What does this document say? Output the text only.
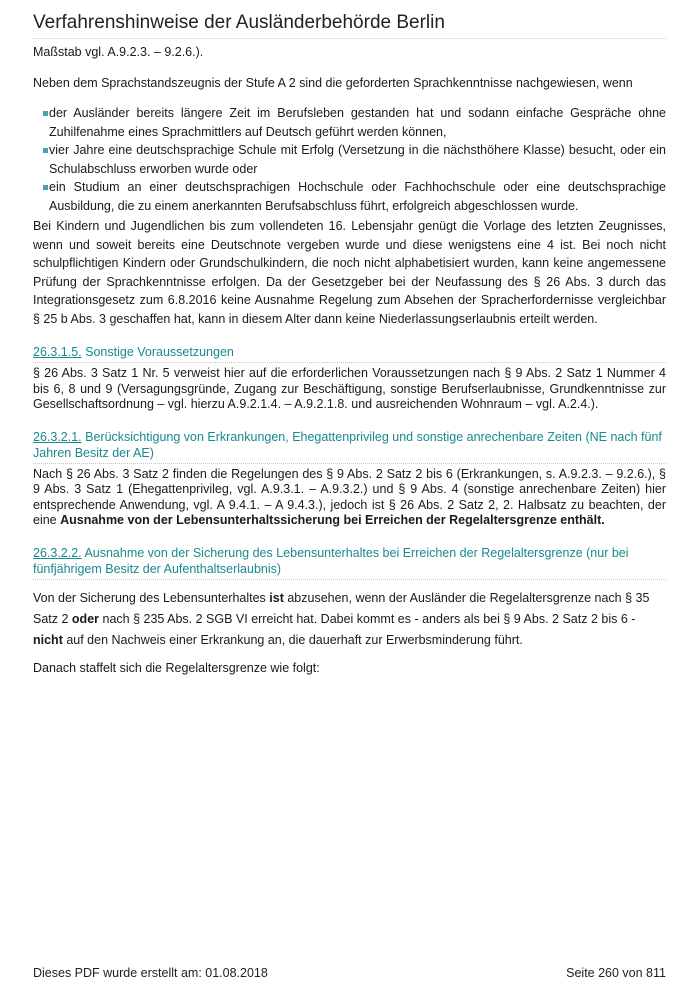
Verfahrenshinweise der Ausländerbehörde Berlin

Maßstab vgl. A.9.2.3. – 9.2.6.).

Neben dem Sprachstandszeugnis der Stufe A 2 sind die geforderten Sprachkenntnisse nachgewiesen, wenn

der Ausländer bereits längere Zeit im Berufsleben gestanden hat und sodann einfache Gespräche ohne Zuhilfenahme eines Sprachmittlers auf Deutsch geführt werden können,
vier Jahre eine deutschsprachige Schule mit Erfolg (Versetzung in die nächsthöhere Klasse) besucht, oder ein Schulabschluss erworben wurde oder
ein Studium an einer deutschsprachigen Hochschule oder Fachhochschule oder eine deutschsprachige Ausbildung, die zu einem anerkannten Berufsabschluss führt, erfolgreich abgeschlossen wurde.

Bei Kindern und Jugendlichen bis zum vollendeten 16. Lebensjahr genügt die Vorlage des letzten Zeugnisses, wenn und soweit bereits eine Deutschnote vergeben wurde und diese wenigstens eine 4 ist. Bei noch nicht schulpflichtigen Kindern oder Grundschulkindern, die noch nicht alphabetisiert wurden, kann keine angemessene Prüfung der Sprachkenntnisse erfolgen. Da der Gesetzgeber bei der Neufassung des § 26 Abs. 3 durch das Integrationsgesetz zum 6.8.2016 keine Ausnahme Regelung zum Absehen der Spracherfordernisse vergleichbar § 25 b Abs. 3 geschaffen hat, kann in diesem Alter dann keine Niederlassungserlaubnis erteilt werden.

26.3.1.5. Sonstige Voraussetzungen

§ 26 Abs. 3 Satz 1 Nr. 5 verweist hier auf die erforderlichen Voraussetzungen nach § 9 Abs. 2 Satz 1 Nummer 4 bis 6, 8 und 9 (Versagungsgründe, Zugang zur Beschäftigung, sonstige Berufserlaubnisse, Grundkenntnisse zur Gesellschaftsordnung – vgl. hierzu A.9.2.1.4. – A.9.2.1.8. und ausreichenden Wohnraum – vgl. A.2.4.).

26.3.2.1. Berücksichtigung von Erkrankungen, Ehegattenprivileg und sonstige anrechenbare Zeiten (NE nach fünf Jahren Besitz der AE)

Nach § 26 Abs. 3 Satz 2 finden die Regelungen des § 9 Abs. 2 Satz 2 bis 6 (Erkrankungen, s. A.9.2.3. – 9.2.6.), § 9 Abs. 3 Satz 1 (Ehegattenprivileg, vgl. A.9.3.1. – A.9.3.2.) und § 9 Abs. 4 (sonstige anrechenbare Zeiten) hier entsprechende Anwendung, vgl. A 9.4.1. – A 9.4.3.), jedoch ist § 26 Abs. 2 Satz 2, 2. Halbsatz zu beachten, der eine Ausnahme von der Lebensunterhaltssicherung bei Erreichen der Regelaltersgrenze enthält.

26.3.2.2. Ausnahme von der Sicherung des Lebensunterhaltes bei Erreichen der Regelaltersgrenze (nur bei fünfjährigem Besitz der Aufenthaltserlaubnis)

Von der Sicherung des Lebensunterhaltes ist abzusehen, wenn der Ausländer die Regelaltersgrenze nach § 35 Satz 2 oder nach § 235 Abs. 2 SGB VI erreicht hat. Dabei kommt es - anders als bei § 9 Abs. 2 Satz 2 bis 6 - nicht auf den Nachweis einer Erkrankung an, die dauerhaft zur Erwerbsminderung führt.

Danach staffelt sich die Regelaltersgrenze wie folgt:

Dieses PDF wurde erstellt am: 01.08.2018	Seite 260 von 811
